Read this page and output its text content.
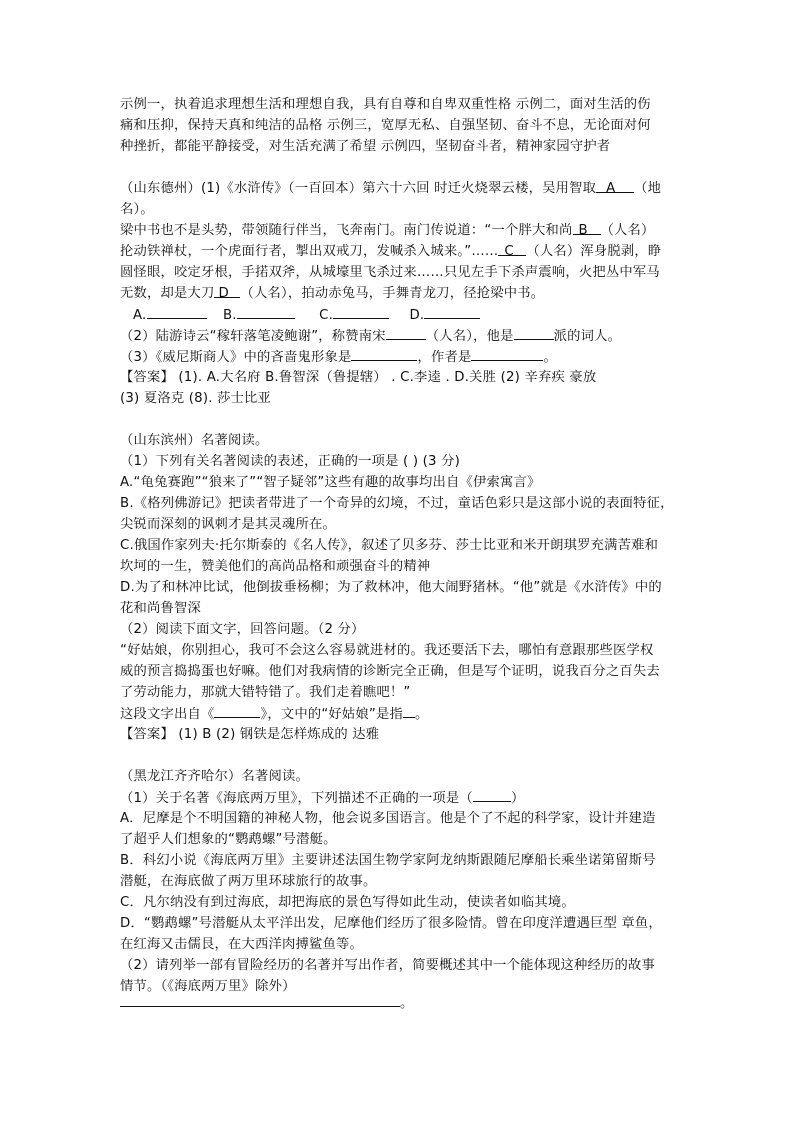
示例一，执着追求理想生活和理想自我，具有自尊和自卑双重性格 示例二，面对生活的伤
痛和压抑，保持天真和纯洁的品格 示例三，宽厚无私、自强坚韧、奋斗不息，无论面对何
种挫折，都能平静接受，对生活充满了希望 示例四，坚韧奋斗者，精神家园守护者
（山东德州）(1)《水浒传》（一百回本）第六十六回 时迁火烧翠云楼，吴用智取 A （地
名）。
梁中书也不是头势，带领随行伴当，飞奔南门。南门传说道：“一个胖大和尚 B （人名）
抡动铁禅杖，一个虎面行者，掣出双戒刀，发喊杀入城来。”…… C （人名）浑身脱剥，睁
圆怪眼，咬定牙根，手掿双斧，从城壕里飞杀过来……只见左手下杀声震响，火把丛中军马
无数，却是大刀 D （人名），拍动赤兔马，手舞青龙刀，径抢梁中书。
A.	B.	C.	D.
（2）陆游诗云“稼轩落笔凌鲍谢”，称赞南宋	（人名），他是	派的词人。
（3）《威尼斯商人》中的吝啬鬼形象是	，作者是	。
【答案】 (1). A.大名府 B.鲁智深（鲁提辖） . C.李逵 . D.关胜 (2) 辛弃疾 豪放
(3) 夏洛克 (8). 莎士比亚
（山东滨州）名著阅读。
（1）下列有关名著阅读的表述，正确的一项是 ( ) (3 分)
A.“龟兔赛跑”“狼来了”“智子疑邻”这些有趣的故事均出自《伊索寓言》
B.《格列佛游记》把读者带进了一个奇异的幻境，不过，童话色彩只是这部小说的表面特征，
尖锐而深刻的讽刺才是其灵魂所在。
C.俄国作家列夫·托尔斯泰的《名人传》，叙述了贝多芬、莎士比亚和米开朗琪罗充满苦难和
坎坷的一生，赞美他们的高尚品格和顽强奋斗的精神
D.为了和林冲比试，他倒拔垂杨柳；为了救林冲，他大闹野猪林。“他”就是《水浒传》中的
花和尚鲁智深
（2）阅读下面文字，回答问题。（2 分）
“好姑娘，你别担心，我可不会这么容易就进材的。我还要活下去，哪怕有意跟那些医学权
威的预言捣捣蛋也好嘛。他们对我病情的诊断完全正确，但是写个证明，说我百分之百失去
了劳动能力，那就大错特错了。我们走着瞧吧！”
这段文字出自《	》，文中的“好姑娘”是指 。
【答案】 (1) B (2) 钢铁是怎样炼成的 达雅
（黑龙江齐齐哈尔）名著阅读。
（1）关于名著《海底两万里》，下列描述不正确的一项是（	）
A．尼摩是个不明国籍的神秘人物，他会说多国语言。他是个了不起的科学家，设计并建造
了超乎人们想象的“鹦鹉螺”号潜艇。
B．科幻小说《海底两万里》主要讲述法国生物学家阿龙纳斯跟随尼摩船长乘坐诺第留斯号
潜艇，在海底做了两万里环球旅行的故事。
C．凡尔纳没有到过海底，却把海底的景色写得如此生动，使读者如临其境。
D．“鹦鹉螺”号潜艇从太平洋出发，尼摩他们经历了很多险情。曾在印度洋遭遇巨型 章鱼，
在红海又击儒艮，在大西洋肉搏鲨鱼等。
（2）请列举一部有冒险经历的名著并写出作者，简要概述其中一个能体现这种经历的故事
情节。（《海底两万里》除外）
。
